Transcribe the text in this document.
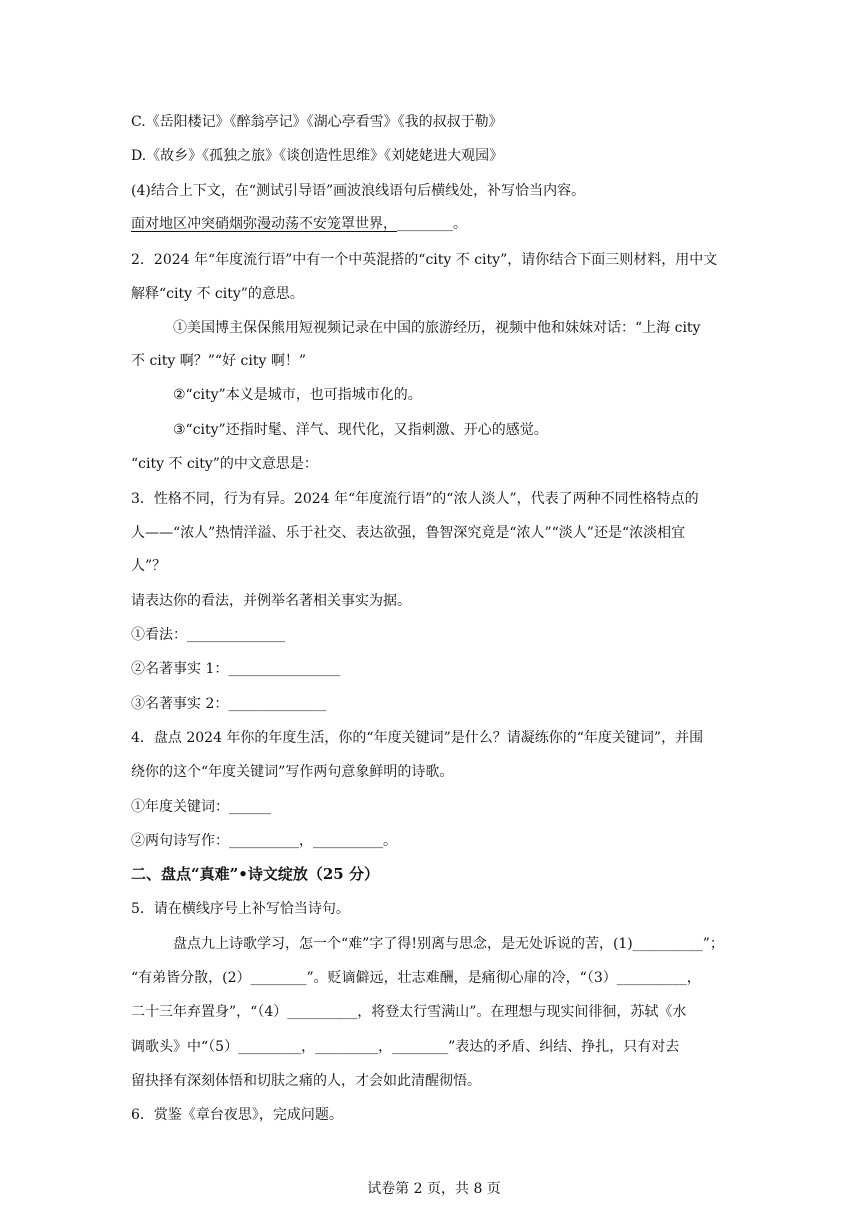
C.《岳阳楼记》《醉翁亭记》《湖心亭看雪》《我的叔叔于勒》
D.《故乡》《孤独之旅》《谈创造性思维》《刘姥姥进大观园》
(4)结合上下文，在“测试引导语”画波浪线语句后横线处，补写恰当内容。
面对地区冲突硝烟弥漫动荡不安笼罩世界，________。
2．2024 年“年度流行语”中有一个中英混搭的“city 不 city”，请你结合下面三则材料，用中文
解释“city 不 city”的意思。
①美国博主保保熊用短视频记录在中国的旅游经历，视频中他和妹妹对话：“上海 city
不 city 啊？”“好 city 啊！”
②“city”本义是城市，也可指城市化的。
③“city”还指时髦、洋气、现代化，又指刺激、开心的感觉。
“city 不 city”的中文意思是：
3．性格不同，行为有异。2024 年“年度流行语”的“浓人淡人”，代表了两种不同性格特点的
人——“浓人”热情洋溢、乐于社交、表达欲强，鲁智深究竟是“浓人”“淡人”还是“浓淡相宜
人”？
请表达你的看法，并例举名著相关事实为据。
①看法：______________
②名著事实 1：________________
③名著事实 2：______________
4．盘点 2024 年你的年度生活，你的“年度关键词”是什么？请凝练你的“年度关键词”，并围
绕你的这个“年度关键词”写作两句意象鲜明的诗歌。
①年度关键词：______
②两句诗写作：__________，__________。
二、盘点“真难”•诗文绽放（25 分）
5．请在横线序号上补写恰当诗句。
盘点九上诗歌学习，怎一个“难”字了得!别离与思念，是无处诉说的苦，(1)__________”；
“有弟皆分散，(2）________”。贬谪僻远，壮志难酬，是痛彻心扉的冷，“（3）__________，
二十三年弃置身”，“（4）__________，将登太行雪满山”。在理想与现实间徘徊，苏轼《水
调歌头》中“（5）_________，_________，________”表达的矛盾、纠结、挣扎，只有对去
留抉择有深刻体悟和切肤之痛的人，才会如此清醒彻悟。
6．赏鉴《章台夜思》，完成问题。
试卷第 2 页，共 8 页
